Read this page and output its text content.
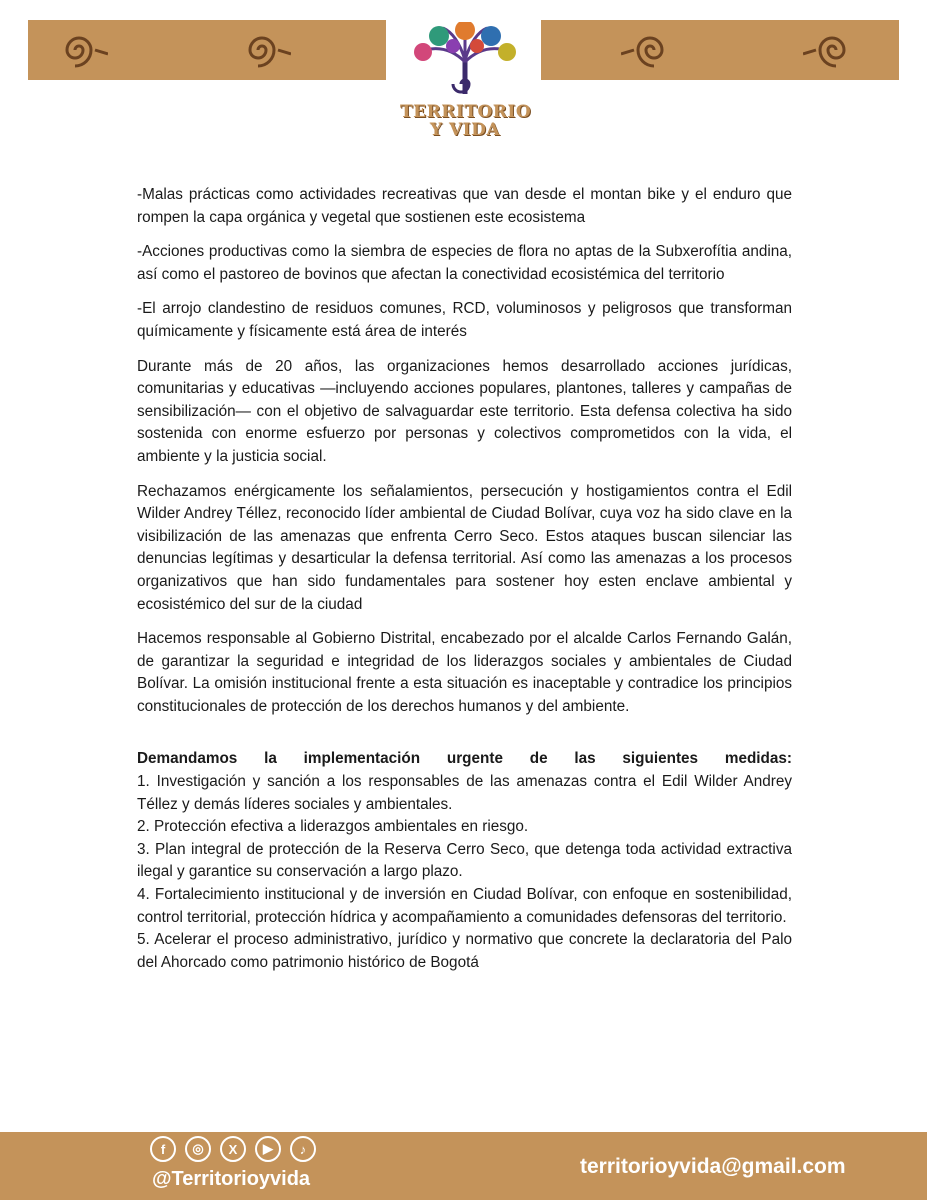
TERRITORIO
Y VIDA

-Malas prácticas como actividades recreativas que van desde el montan bike y el enduro que rompen la capa orgánica y vegetal que sostienen este ecosistema

-Acciones productivas como la siembra de especies de flora no aptas de la Subxerofítia andina, así como el pastoreo de bovinos que afectan la conectividad ecosistémica del territorio

-El arrojo clandestino de residuos comunes, RCD, voluminosos y peligrosos que transforman químicamente y físicamente está área de interés

Durante más de 20 años, las organizaciones hemos desarrollado acciones jurídicas, comunitarias y educativas —incluyendo acciones populares, plantones, talleres y campañas de sensibilización— con el objetivo de salvaguardar este territorio. Esta defensa colectiva ha sido sostenida con enorme esfuerzo por personas y colectivos comprometidos con la vida, el ambiente y la justicia social.

Rechazamos enérgicamente los señalamientos, persecución y hostigamientos contra el Edil Wilder Andrey Téllez, reconocido líder ambiental de Ciudad Bolívar, cuya voz ha sido clave en la visibilización de las amenazas que enfrenta Cerro Seco. Estos ataques buscan silenciar las denuncias legítimas y desarticular la defensa territorial. Así como las amenazas a los procesos organizativos que han sido fundamentales para sostener hoy esten enclave ambiental y ecosistémico del sur de la ciudad

Hacemos responsable al Gobierno Distrital, encabezado por el alcalde Carlos Fernando Galán, de garantizar la seguridad e integridad de los liderazgos sociales y ambientales de Ciudad Bolívar. La omisión institucional frente a esta situación es inaceptable y contradice los principios constitucionales de protección de los derechos humanos y del ambiente.

Demandamos la implementación urgente de las siguientes medidas:
1. Investigación y sanción a los responsables de las amenazas contra el Edil Wilder Andrey Téllez y demás líderes sociales y ambientales.
2. Protección efectiva a liderazgos ambientales en riesgo.
3. Plan integral de protección de la Reserva Cerro Seco, que detenga toda actividad extractiva ilegal y garantice su conservación a largo plazo.
4. Fortalecimiento institucional y de inversión en Ciudad Bolívar, con enfoque en sostenibilidad, control territorial, protección hídrica y acompañamiento a comunidades defensoras del territorio.
5. Acelerar el proceso administrativo, jurídico y normativo que concrete la declaratoria del Palo del Ahorcado como patrimonio histórico de Bogotá
f	◎	X	▶	♪
@Territorioyvida
territorioyvida@gmail.com
